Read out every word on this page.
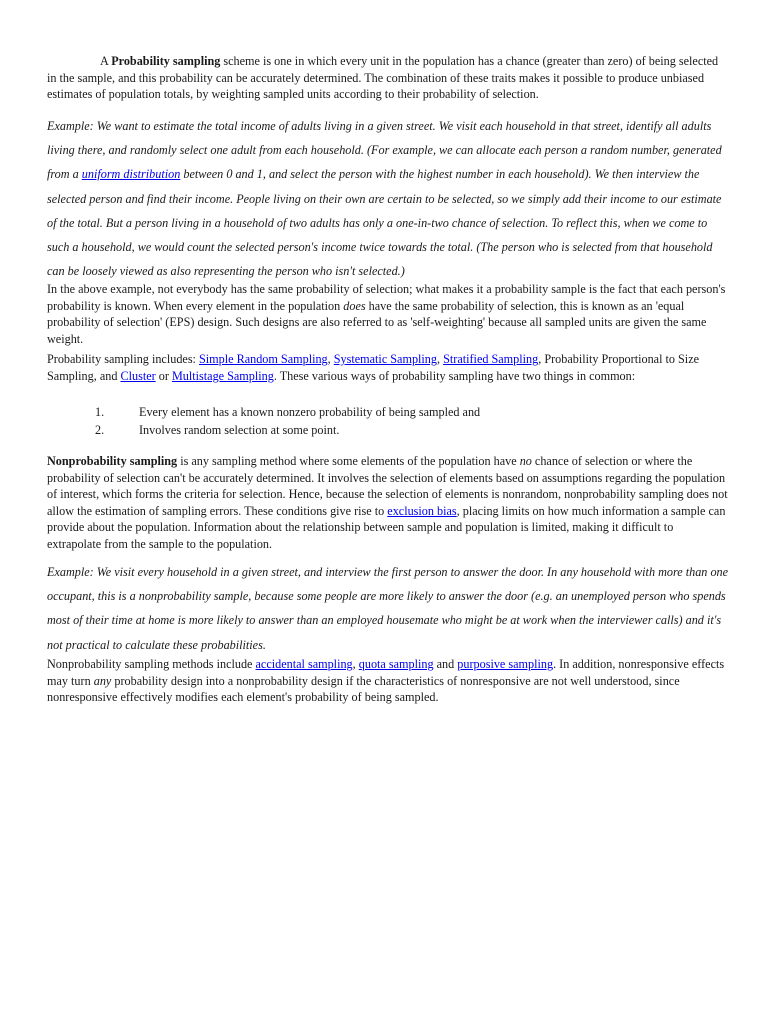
A Probability sampling scheme is one in which every unit in the population has a chance (greater than zero) of being selected in the sample, and this probability can be accurately determined. The combination of these traits makes it possible to produce unbiased estimates of population totals, by weighting sampled units according to their probability of selection.

Example: We want to estimate the total income of adults living in a given street. We visit each household in that street, identify all adults living there, and randomly select one adult from each household. (For example, we can allocate each person a random number, generated from a uniform distribution between 0 and 1, and select the person with the highest number in each household). We then interview the selected person and find their income. People living on their own are certain to be selected, so we simply add their income to our estimate of the total. But a person living in a household of two adults has only a one-in-two chance of selection. To reflect this, when we come to such a household, we would count the selected person's income twice towards the total. (The person who is selected from that household can be loosely viewed as also representing the person who isn't selected.)

In the above example, not everybody has the same probability of selection; what makes it a probability sample is the fact that each person's probability is known. When every element in the population does have the same probability of selection, this is known as an 'equal probability of selection' (EPS) design. Such designs are also referred to as 'self-weighting' because all sampled units are given the same weight.

Probability sampling includes: Simple Random Sampling, Systematic Sampling, Stratified Sampling, Probability Proportional to Size Sampling, and Cluster or Multistage Sampling. These various ways of probability sampling have two things in common:

1.	Every element has a known nonzero probability of being sampled and
2.	Involves random selection at some point.

Nonprobability sampling is any sampling method where some elements of the population have no chance of selection or where the probability of selection can't be accurately determined. It involves the selection of elements based on assumptions regarding the population of interest, which forms the criteria for selection. Hence, because the selection of elements is nonrandom, nonprobability sampling does not allow the estimation of sampling errors. These conditions give rise to exclusion bias, placing limits on how much information a sample can provide about the population. Information about the relationship between sample and population is limited, making it difficult to extrapolate from the sample to the population.

Example: We visit every household in a given street, and interview the first person to answer the door. In any household with more than one occupant, this is a nonprobability sample, because some people are more likely to answer the door (e.g. an unemployed person who spends most of their time at home is more likely to answer than an employed housemate who might be at work when the interviewer calls) and it's not practical to calculate these probabilities.

Nonprobability sampling methods include accidental sampling, quota sampling and purposive sampling. In addition, nonresponsive effects may turn any probability design into a nonprobability design if the characteristics of nonresponsive are not well understood, since nonresponsive effectively modifies each element's probability of being sampled.
